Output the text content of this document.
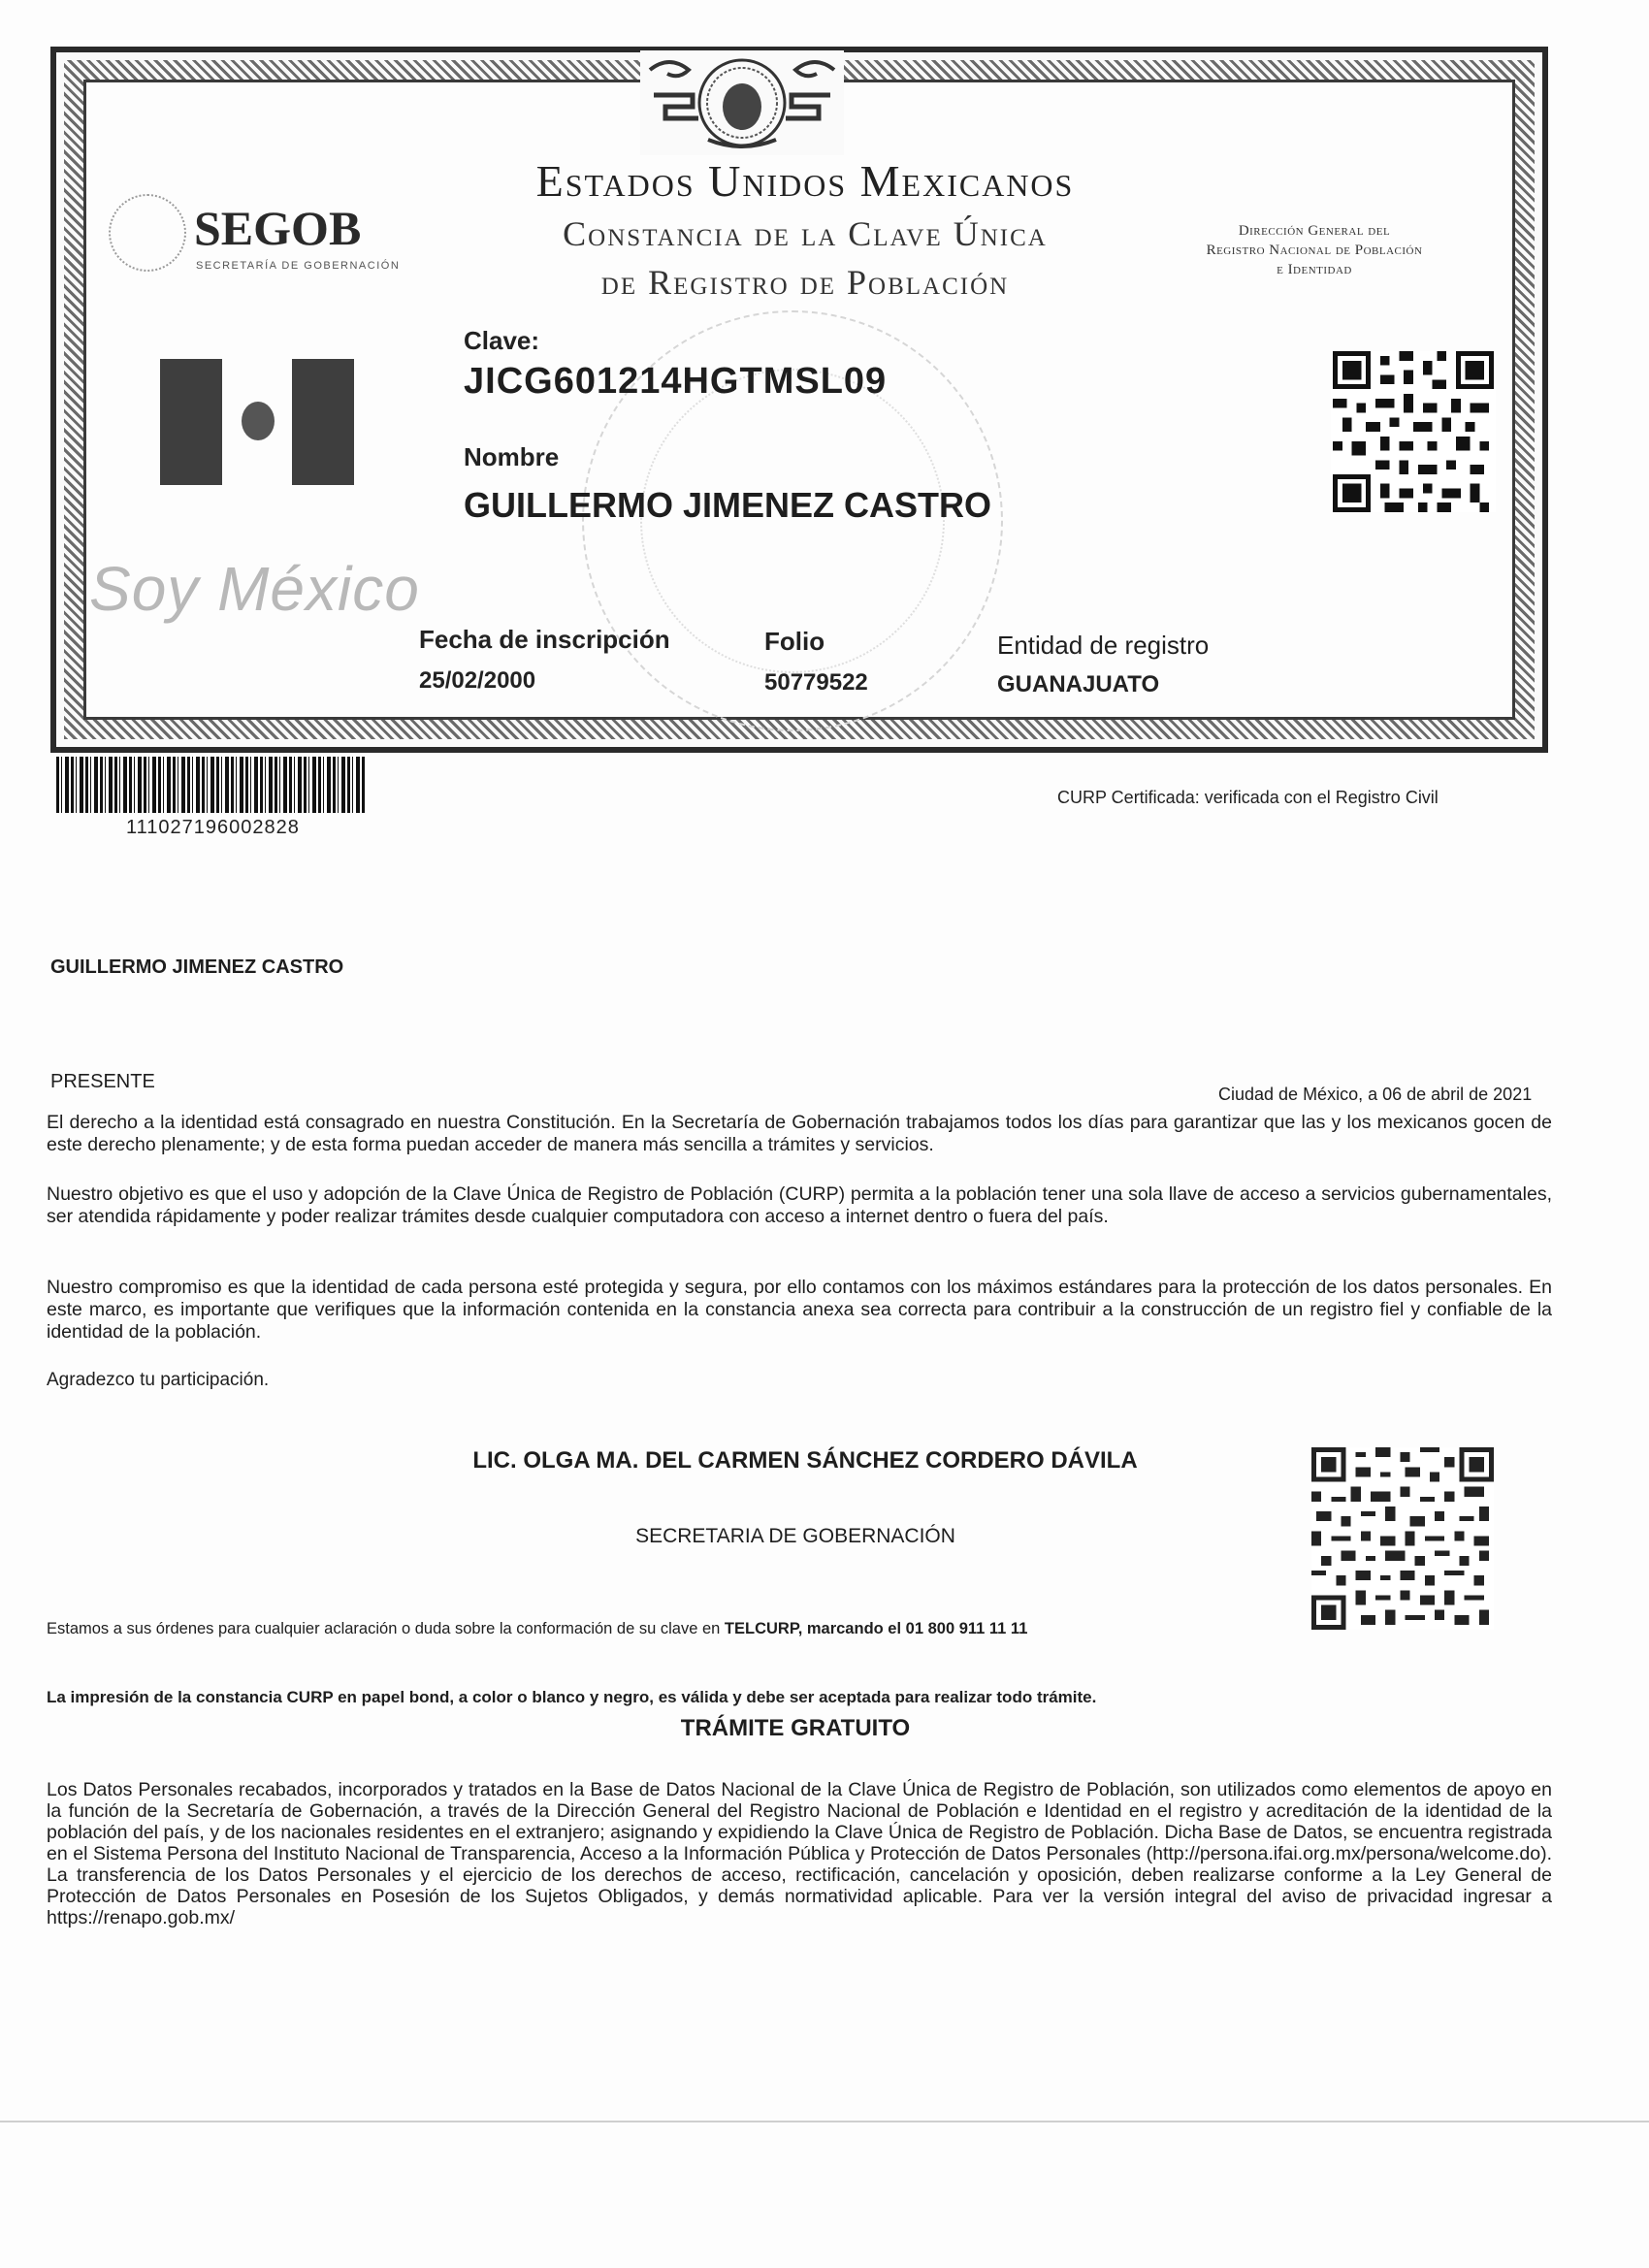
SEGOB
SECRETARÍA DE GOBERNACIÓN
Estados Unidos Mexicanos
Constancia de la Clave Única
de Registro de Población
Dirección General del
Registro Nacional de Población
e Identidad
Soy México
Clave:
JICG601214HGTMSL09
Nombre
GUILLERMO JIMENEZ CASTRO
Fecha de inscripción
25/02/2000
Folio
50779522
Entidad de registro
GUANAJUATO
111027196002828
CURP Certificada: verificada con el Registro Civil
GUILLERMO JIMENEZ CASTRO
PRESENTE
Ciudad de México, a 06 de abril de 2021
El derecho a la identidad está consagrado en nuestra Constitución. En la Secretaría de Gobernación trabajamos todos los días para garantizar que las y los mexicanos gocen de este derecho plenamente; y de esta forma puedan acceder de manera más sencilla a trámites y servicios.
Nuestro objetivo es que el uso y adopción de la Clave Única de Registro de Población (CURP) permita a la población tener una sola llave de acceso a servicios gubernamentales, ser atendida rápidamente y poder realizar trámites desde cualquier computadora con acceso a internet dentro o fuera del país.
Nuestro compromiso es que la identidad de cada persona esté protegida y segura, por ello contamos con los máximos estándares para la protección de los datos personales. En este marco, es importante que verifiques que la información contenida en la constancia anexa sea correcta para contribuir a la construcción de un registro fiel y confiable de la identidad de la población.
Agradezco tu participación.
LIC. OLGA MA. DEL CARMEN SÁNCHEZ CORDERO DÁVILA
SECRETARIA DE GOBERNACIÓN
Estamos a sus órdenes para cualquier aclaración o duda sobre la conformación de su clave en TELCURP, marcando el 01 800 911 11 11
La impresión de la constancia CURP en papel bond, a color o blanco y negro, es válida y debe ser aceptada para realizar todo trámite.
TRÁMITE GRATUITO
Los Datos Personales recabados, incorporados y tratados en la Base de Datos Nacional de la Clave Única de Registro de Población, son utilizados como elementos de apoyo en la función de la Secretaría de Gobernación, a través de la Dirección General del Registro Nacional de Población e Identidad en el registro y acreditación de la identidad de la población del país, y de los nacionales residentes en el extranjero; asignando y expidiendo la Clave Única de Registro de Población. Dicha Base de Datos, se encuentra registrada en el Sistema Persona del Instituto Nacional de Transparencia, Acceso a la Información Pública y Protección de Datos Personales (http://persona.ifai.org.mx/persona/welcome.do). La transferencia de los Datos Personales y el ejercicio de los derechos de acceso, rectificación, cancelación y oposición, deben realizarse conforme a la Ley General de Protección de Datos Personales en Posesión de los Sujetos Obligados, y demás normatividad aplicable. Para ver la versión integral del aviso de privacidad ingresar a https://renapo.gob.mx/
